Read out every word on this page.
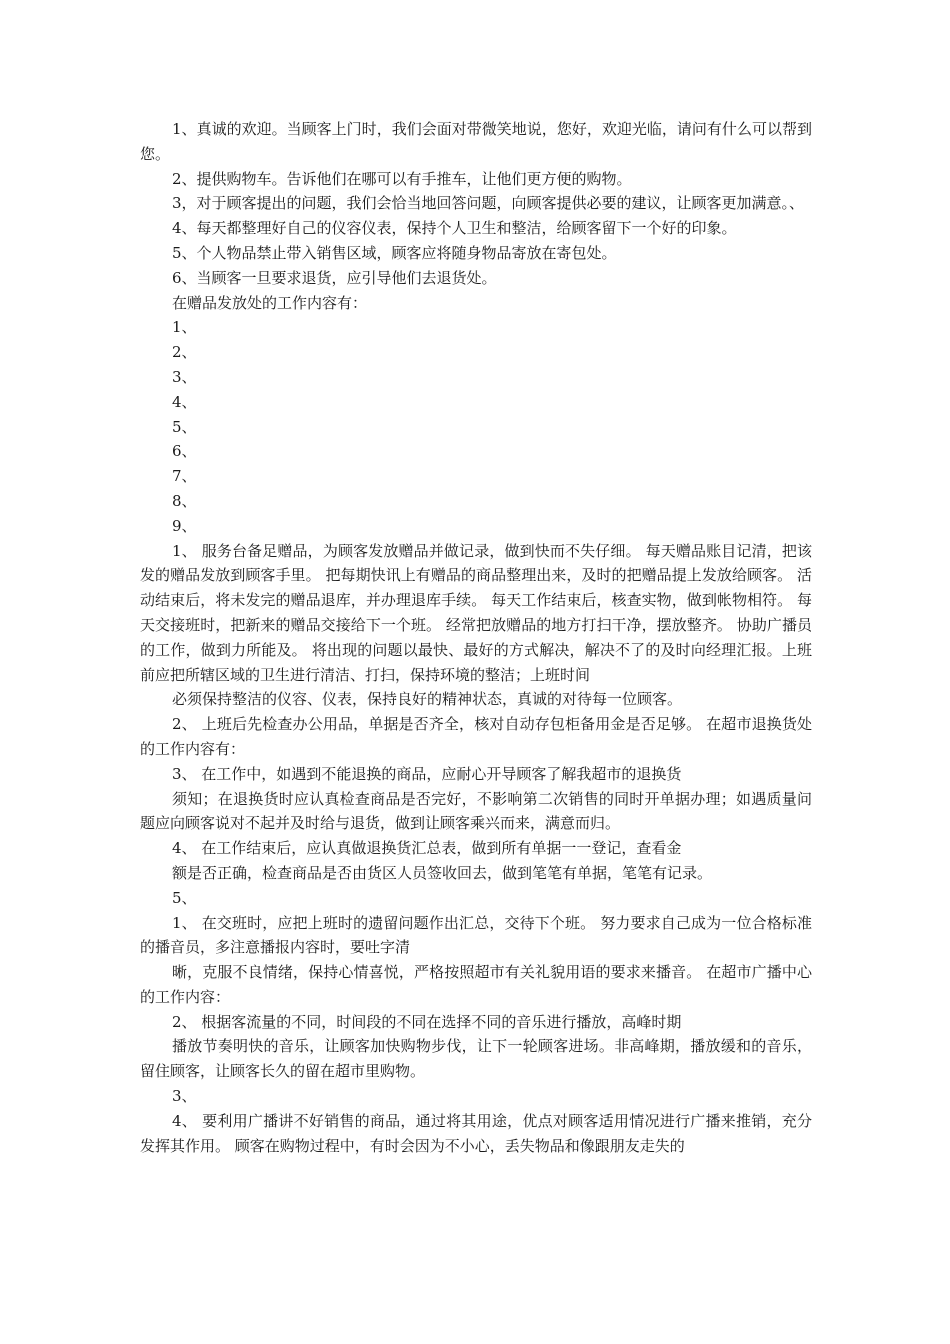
1、真诚的欢迎。当顾客上门时，我们会面对带微笑地说，您好，欢迎光临，请问有什么可以帮到您。

2、提供购物车。告诉他们在哪可以有手推车，让他们更方便的购物。

3，对于顾客提出的问题，我们会恰当地回答问题，向顾客提供必要的建议，让顾客更加满意。、

4、每天都整理好自己的仪容仪表，保持个人卫生和整洁，给顾客留下一个好的印象。

5、个人物品禁止带入销售区域，顾客应将随身物品寄放在寄包处。

6、当顾客一旦要求退货，应引导他们去退货处。

在赠品发放处的工作内容有：

1、

2、

3、

4、

5、

6、

7、

8、

9、

1、 服务台备足赠品，为顾客发放赠品并做记录，做到快而不失仔细。 每天赠品账目记清，把该发的赠品发放到顾客手里。 把每期快讯上有赠品的商品整理出来，及时的把赠品提上发放给顾客。 活动结束后，将未发完的赠品退库，并办理退库手续。 每天工作结束后，核查实物，做到帐物相符。 每天交接班时，把新来的赠品交接给下一个班。 经常把放赠品的地方打扫干净，摆放整齐。 协助广播员的工作，做到力所能及。 将出现的问题以最快、最好的方式解决，解决不了的及时向经理汇报。上班前应把所辖区域的卫生进行清洁、打扫，保持环境的整洁；上班时间

必须保持整洁的仪容、仪表，保持良好的精神状态，真诚的对待每一位顾客。

2、 上班后先检查办公用品，单据是否齐全，核对自动存包柜备用金是否足够。 在超市退换货处的工作内容有：

3、 在工作中，如遇到不能退换的商品，应耐心开导顾客了解我超市的退换货

须知；在退换货时应认真检查商品是否完好，不影响第二次销售的同时开单据办理；如遇质量问题应向顾客说对不起并及时给与退货，做到让顾客乘兴而来，满意而归。

4、 在工作结束后，应认真做退换货汇总表，做到所有单据一一登记，查看金

额是否正确，检查商品是否由货区人员签收回去，做到笔笔有单据，笔笔有记录。

5、

1、 在交班时，应把上班时的遗留问题作出汇总，交待下个班。 努力要求自己成为一位合格标准的播音员，多注意播报内容时，要吐字清

晰，克服不良情绪，保持心情喜悦，严格按照超市有关礼貌用语的要求来播音。 在超市广播中心的工作内容：

2、 根据客流量的不同，时间段的不同在选择不同的音乐进行播放，高峰时期

播放节奏明快的音乐，让顾客加快购物步伐，让下一轮顾客进场。非高峰期，播放缓和的音乐，留住顾客，让顾客长久的留在超市里购物。

3、

4、 要利用广播讲不好销售的商品，通过将其用途，优点对顾客适用情况进行广播来推销，充分发挥其作用。 顾客在购物过程中，有时会因为不小心，丢失物品和像跟朋友走失的
